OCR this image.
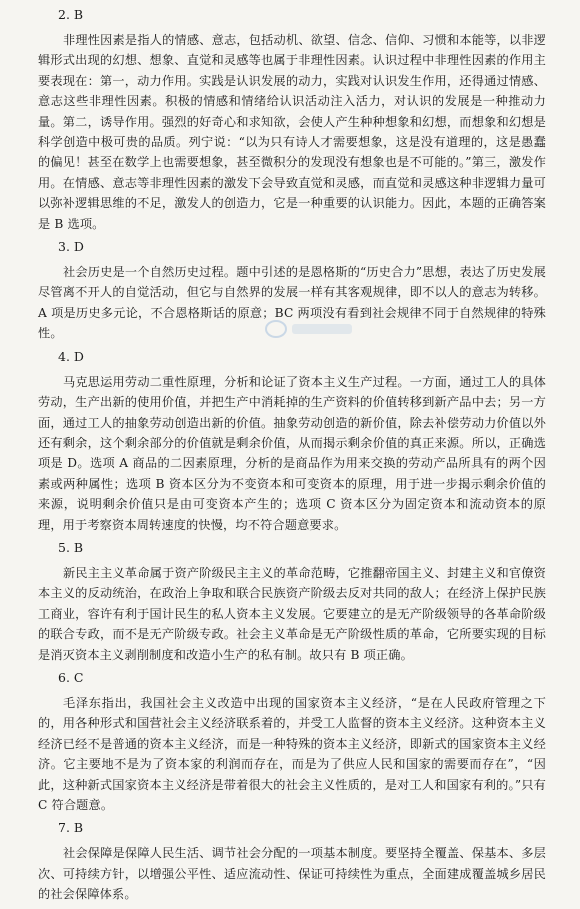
2. B

非理性因素是指人的情感、意志，包括动机、欲望、信念、信仰、习惯和本能等，以非逻辑形式出现的幻想、想象、直觉和灵感等也属于非理性因素。认识过程中非理性因素的作用主要表现在：第一，动力作用。实践是认识发展的动力，实践对认识发生作用，还得通过情感、意志这些非理性因素。积极的情感和情绪给认识活动注入活力，对认识的发展是一种推动力量。第二，诱导作用。强烈的好奇心和求知欲，会使人产生种种想象和幻想，而想象和幻想是科学创造中极可贵的品质。列宁说：“以为只有诗人才需要想象，这是没有道理的，这是愚蠢的偏见！甚至在数学上也需要想象，甚至微积分的发现没有想象也是不可能的。”第三，激发作用。在情感、意志等非理性因素的激发下会导致直觉和灵感，而直觉和灵感这种非逻辑力量可以弥补逻辑思维的不足，激发人的创造力，它是一种重要的认识能力。因此，本题的正确答案是 B 选项。

3. D

社会历史是一个自然历史过程。题中引述的是恩格斯的“历史合力”思想，表达了历史发展尽管离不开人的自觉活动，但它与自然界的发展一样有其客观规律，即不以人的意志为转移。A 项是历史多元论，不合恩格斯话的原意；BC 两项没有看到社会规律不同于自然规律的特殊性。

4. D

马克思运用劳动二重性原理，分析和论证了资本主义生产过程。一方面，通过工人的具体劳动，生产出新的使用价值，并把生产中消耗掉的生产资料的价值转移到新产品中去；另一方面，通过工人的抽象劳动创造出新的价值。抽象劳动创造的新价值，除去补偿劳动力价值以外还有剩余，这个剩余部分的价值就是剩余价值，从而揭示剩余价值的真正来源。所以，正确选项是 D。选项 A 商品的二因素原理，分析的是商品作为用来交换的劳动产品所具有的两个因素或两种属性；选项 B 资本区分为不变资本和可变资本的原理，用于进一步揭示剩余价值的来源，说明剩余价值只是由可变资本产生的；选项 C 资本区分为固定资本和流动资本的原理，用于考察资本周转速度的快慢，均不符合题意要求。

5. B

新民主主义革命属于资产阶级民主主义的革命范畴，它推翻帝国主义、封建主义和官僚资本主义的反动统治，在政治上争取和联合民族资产阶级去反对共同的敌人；在经济上保护民族工商业，容许有利于国计民生的私人资本主义发展。它要建立的是无产阶级领导的各革命阶级的联合专政，而不是无产阶级专政。社会主义革命是无产阶级性质的革命，它所要实现的目标是消灭资本主义剥削制度和改造小生产的私有制。故只有 B 项正确。

6. C

毛泽东指出，我国社会主义改造中出现的国家资本主义经济，“是在人民政府管理之下的，用各种形式和国营社会主义经济联系着的，并受工人监督的资本主义经济。这种资本主义经济已经不是普通的资本主义经济，而是一种特殊的资本主义经济，即新式的国家资本主义经济。它主要地不是为了资本家的利润而存在，而是为了供应人民和国家的需要而存在”，“因此，这种新式国家资本主义经济是带着很大的社会主义性质的，是对工人和国家有利的。”只有 C 符合题意。

7. B

社会保障是保障人民生活、调节社会分配的一项基本制度。要坚持全覆盖、保基本、多层次、可持续方针，以增强公平性、适应流动性、保证可持续性为重点，全面建成覆盖城乡居民的社会保障体系。
